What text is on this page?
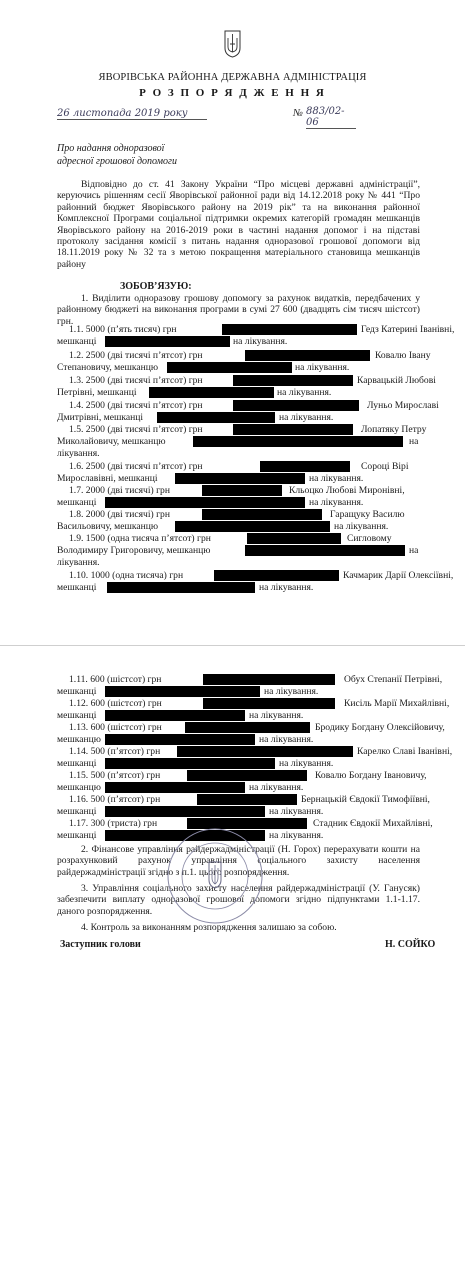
ЯВОРІВСЬКА РАЙОННА ДЕРЖАВНА АДМІНІСТРАЦІЯ
Р О З П О Р Я Д Ж Е Н Н Я
26 листопада 2019 року	№ 883/02-06
Про надання одноразової
адресної грошової допомоги
Відповідно до ст. 41 Закону України “Про місцеві державні адміністрації”, керуючись рішенням сесії Яворівської районної ради від 14.12.2018 року № 441 “Про районний бюджет Яворівського району на 2019 рік” та на виконання районної Комплексної Програми соціальної підтримки окремих категорій громадян мешканців Яворівського району на 2016-2019 роки в частині надання допомог і на підставі протоколу засідання комісії з питань надання одноразової грошової допомоги від 18.11.2019 року № 32 та з метою покращення матеріального становища мешканців району
ЗОБОВ’ЯЗУЮ:
1. Виділити одноразову грошову допомогу за рахунок видатків, передбачених у районному бюджеті на виконання програми в сумі 27 600 (двадцять сім тисяч шістсот) грн.
1.1. 5000 (п’ять тисяч) грн	Гедз Катерині Іванівні,
мешканці	на лікування.
1.2. 2500 (дві тисячі п’ятсот) грн	Ковалю Івану
Степановичу, мешканцю	на лікування.
1.3. 2500 (дві тисячі п’ятсот) грн	Карвацькій Любові
Петрівні, мешканці	на лікування.
1.4. 2500 (дві тисячі п’ятсот) грн	Луньо Мирославі
Дмитрівні, мешканці	на лікування.
1.5. 2500 (дві тисячі п’ятсот) грн	Лопатяку Петру
Миколайовичу, мешканцю	на
лікування.
1.6. 2500 (дві тисячі п’ятсот) грн	Сороці Вірі
Мирославівні, мешканці	на лікування.
1.7. 2000 (дві тисячі) грн	Кльоцко Любові Миронівні,
мешканці	на лікування.
1.8. 2000 (дві тисячі) грн	Гаращуку Василю
Васильовичу, мешканцю	на лікування.
1.9. 1500 (одна тисяча п’ятсот) грн	Сигловому
Володимиру Григоровичу, мешканцю	на
лікування.
1.10. 1000 (одна тисяча) грн	Качмарик Дарії Олексіївні,
мешканці	на лікування.
1.11. 600 (шістсот) грн	Обух Степанії Петрівні,
мешканці	на лікування.
1.12. 600 (шістсот) грн	Кисіль Марії Михайлівні,
мешканці	на лікування.
1.13. 600 (шістсот) грн	Бродику Богдану Олексійовичу,
мешканцю	на лікування.
1.14. 500 (п’ятсот) грн	Карелко Славі Іванівні,
мешканці	на лікування.
1.15. 500 (п’ятсот) грн	Ковалю Богдану Івановичу,
мешканцю	на лікування.
1.16. 500 (п’ятсот) грн	Бернацькій Євдокії Тимофіївні,
мешканці	на лікування.
1.17. 300 (триста) грн	Стадник Євдокії Михайлівні,
мешканці	на лікування.
2. Фінансове управління райдержадміністрації (Н. Горох) перерахувати кошти на розрахунковий рахунок управління соціального захисту населення райдержадміністрації згідно з п.1. цього розпорядження.
3. Управління соціального захисту населення райдержадміністрації (У. Ганусяк) забезпечити виплату одноразової грошової допомоги згідно підпунктами 1.1-1.17. даного розпорядження.
4. Контроль за виконанням розпорядження залишаю за собою.
Заступник голови	Н. СОЙКО
